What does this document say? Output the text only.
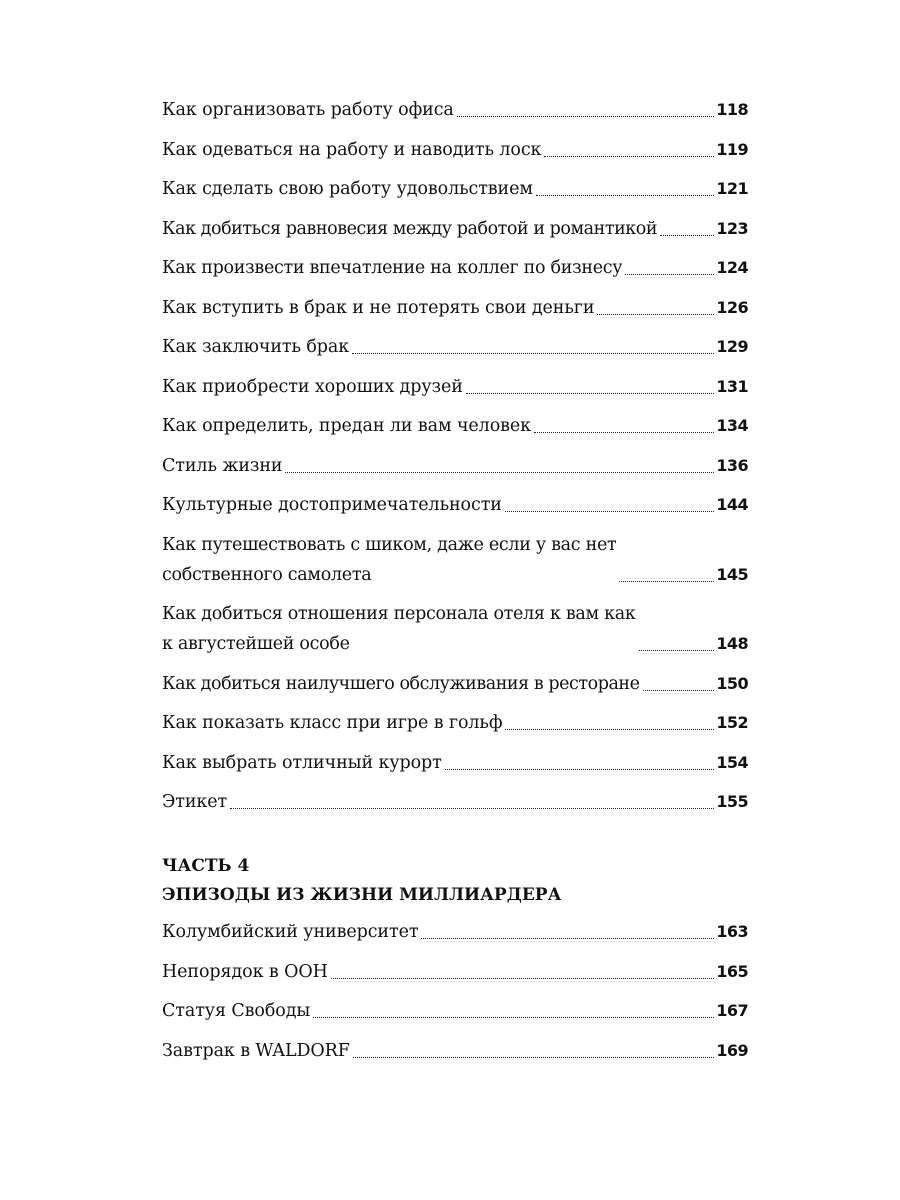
Как организовать работу офиса	118
Как одеваться на работу и наводить лоск	119
Как сделать свою работу удовольствием	121
Как добиться равновесия между работой и романтикой	123
Как произвести впечатление на коллег по бизнесу	124
Как вступить в брак и не потерять свои деньги	126
Как заключить брак	129
Как приобрести хороших друзей	131
Как определить, предан ли вам человек	134
Стиль жизни	136
Культурные достопримечательности	144
Как путешествовать с шиком, даже если у вас нет
собственного самолета	145
Как добиться отношения персонала отеля к вам как
к августейшей особе	148
Как добиться наилучшего обслуживания в ресторане	150
Как показать класс при игре в гольф	152
Как выбрать отличный курорт	154
Этикет	155
ЧАСТЬ 4
ЭПИЗОДЫ ИЗ ЖИЗНИ МИЛЛИАРДЕРА
Колумбийский университет	163
Непорядок в ООН	165
Статуя Свободы	167
Завтрак в WALDORF	169
